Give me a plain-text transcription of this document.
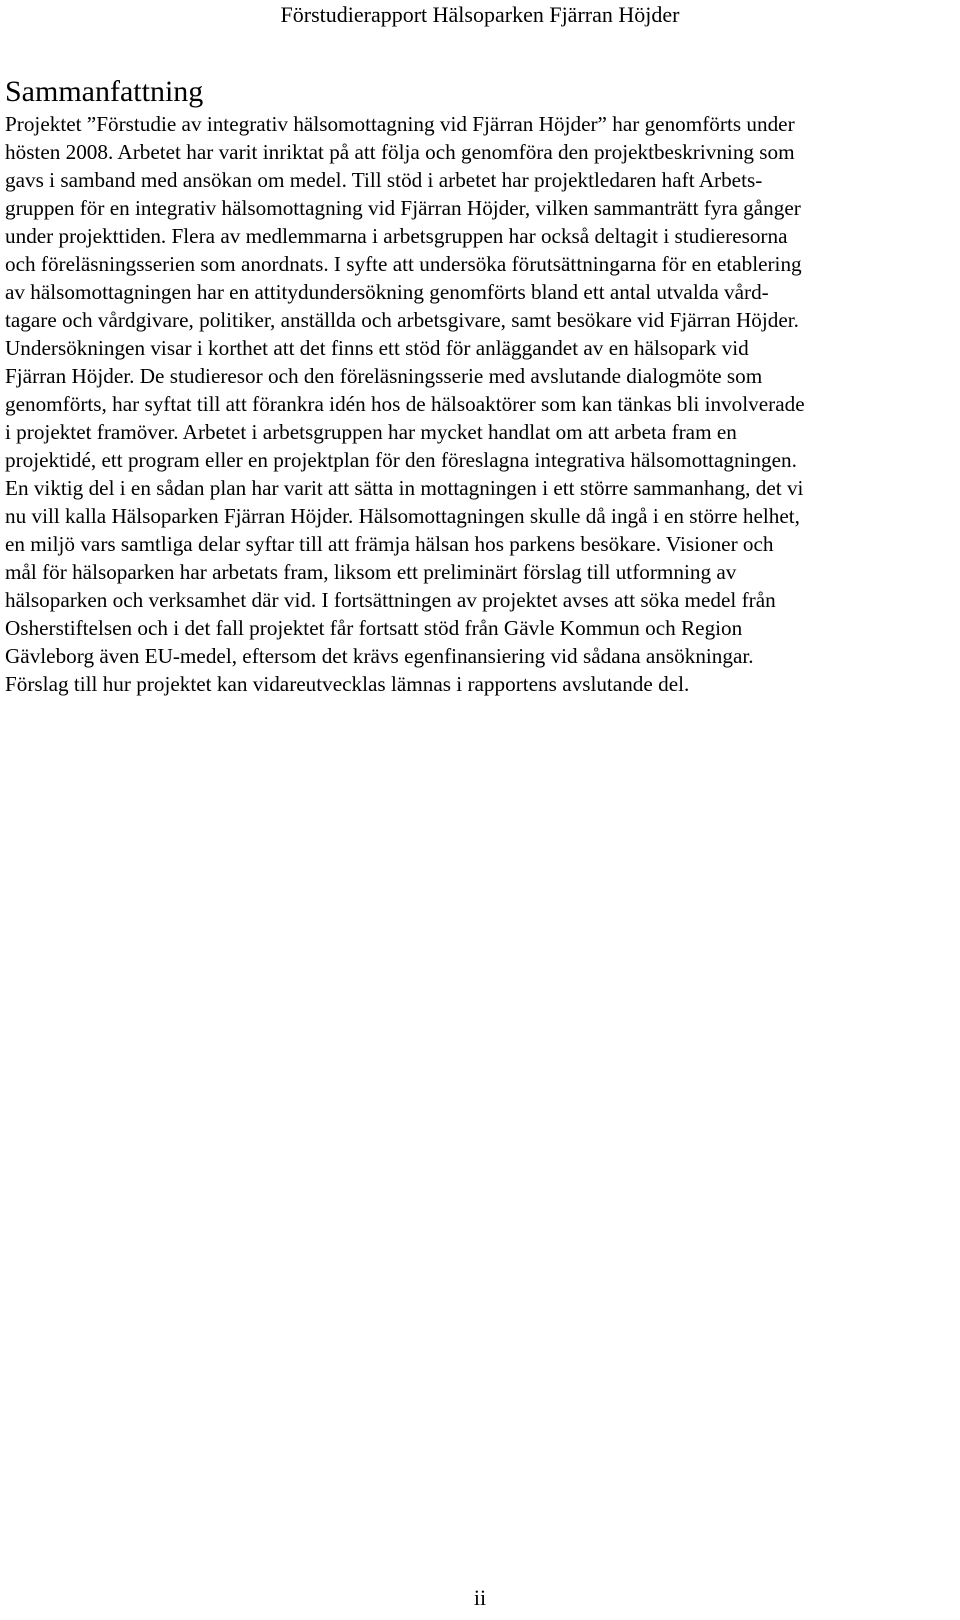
Förstudierapport Hälsoparken Fjärran Höjder
Sammanfattning

Projektet ”Förstudie av integrativ hälsomottagning vid Fjärran Höjder” har genomförts under
hösten 2008. Arbetet har varit inriktat på att följa och genomföra den projektbeskrivning som
gavs i samband med ansökan om medel. Till stöd i arbetet har projektledaren haft Arbets-
gruppen för en integrativ hälsomottagning vid Fjärran Höjder, vilken sammanträtt fyra gånger
under projekttiden. Flera av medlemmarna i arbetsgruppen har också deltagit i studieresorna
och föreläsningsserien som anordnats. I syfte att undersöka förutsättningarna för en etablering
av hälsomottagningen har en attitydundersökning genomförts bland ett antal utvalda vård-
tagare och vårdgivare, politiker, anställda och arbetsgivare, samt besökare vid Fjärran Höjder.
Undersökningen visar i korthet att det finns ett stöd för anläggandet av en hälsopark vid
Fjärran Höjder. De studieresor och den föreläsningsserie med avslutande dialogmöte som
genomförts, har syftat till att förankra idén hos de hälsoaktörer som kan tänkas bli involverade
i projektet framöver. Arbetet i arbetsgruppen har mycket handlat om att arbeta fram en
projektidé, ett program eller en projektplan för den föreslagna integrativa hälsomottagningen.
En viktig del i en sådan plan har varit att sätta in mottagningen i ett större sammanhang, det vi
nu vill kalla Hälsoparken Fjärran Höjder. Hälsomottagningen skulle då ingå i en större helhet,
en miljö vars samtliga delar syftar till att främja hälsan hos parkens besökare. Visioner och
mål för hälsoparken har arbetats fram, liksom ett preliminärt förslag till utformning av
hälsoparken och verksamhet där vid. I fortsättningen av projektet avses att söka medel från
Osherstiftelsen och i det fall projektet får fortsatt stöd från Gävle Kommun och Region
Gävleborg även EU-medel, eftersom det krävs egenfinansiering vid sådana ansökningar.
Förslag till hur projektet kan vidareutvecklas lämnas i rapportens avslutande del.

ii
